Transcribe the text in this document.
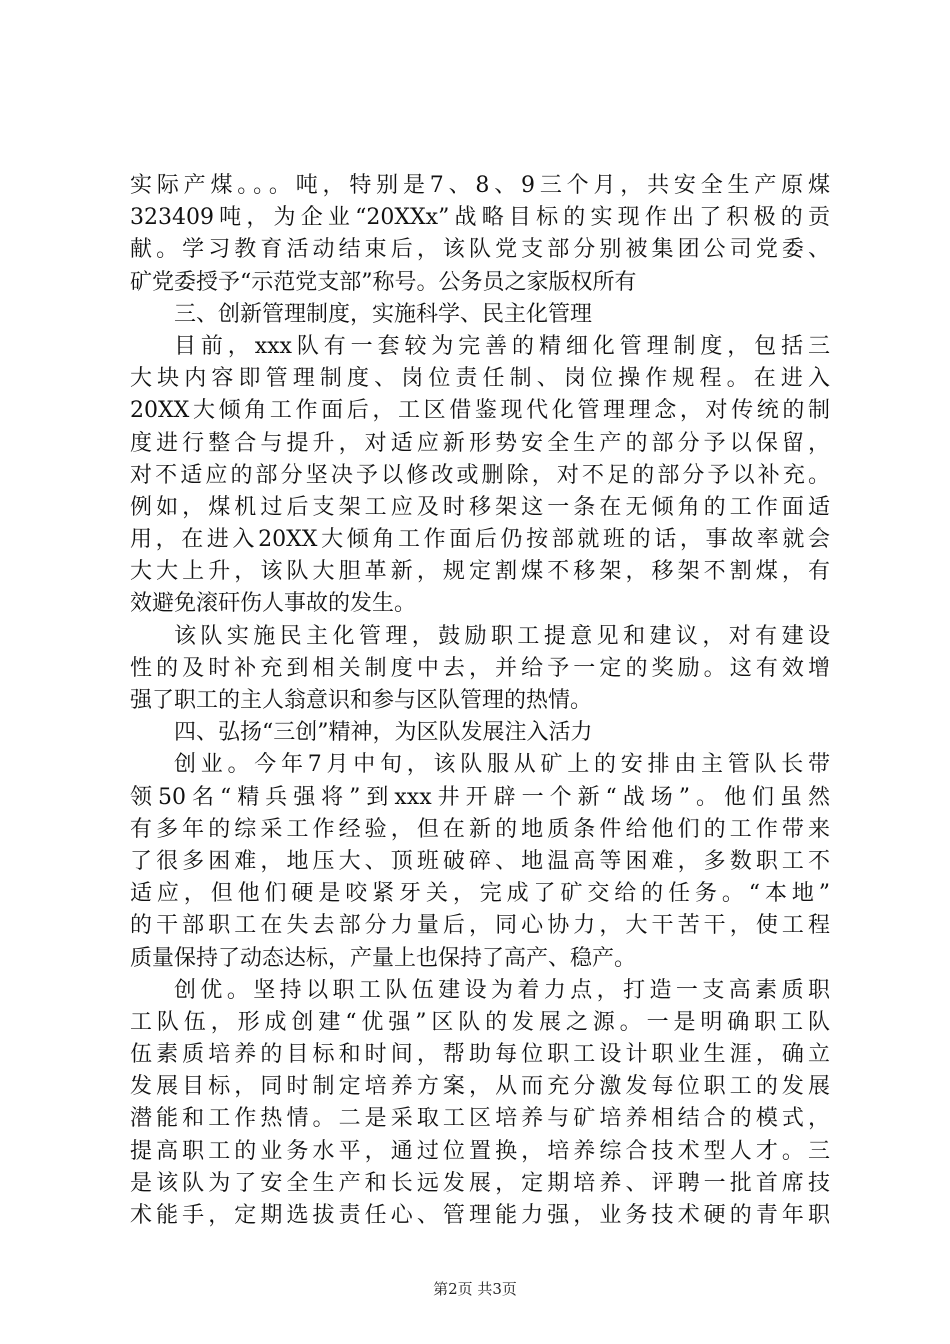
实际产煤。。。吨，特别是7、8、9三个月，共安全生产原煤
323409吨，为企业“20XXx”战略目标的实现作出了积极的贡
献。学习教育活动结束后，该队党支部分别被集团公司党委、
矿党委授予“示范党支部”称号。公务员之家版权所有
三、创新管理制度，实施科学、民主化管理
目前，xxx队有一套较为完善的精细化管理制度，包括三
大块内容即管理制度、岗位责任制、岗位操作规程。在进入
20XX大倾角工作面后，工区借鉴现代化管理理念，对传统的制
度进行整合与提升，对适应新形势安全生产的部分予以保留，
对不适应的部分坚决予以修改或删除，对不足的部分予以补充。
例如，煤机过后支架工应及时移架这一条在无倾角的工作面适
用，在进入20XX大倾角工作面后仍按部就班的话，事故率就会
大大上升，该队大胆革新，规定割煤不移架，移架不割煤，有
效避免滚矸伤人事故的发生。
该队实施民主化管理，鼓励职工提意见和建议，对有建设
性的及时补充到相关制度中去，并给予一定的奖励。这有效增
强了职工的主人翁意识和参与区队管理的热情。
四、弘扬“三创”精神，为区队发展注入活力
创业。今年7月中旬，该队服从矿上的安排由主管队长带
领50名“精兵强将”到xxx井开辟一个新“战场”。他们虽然
有多年的综采工作经验，但在新的地质条件给他们的工作带来
了很多困难，地压大、顶班破碎、地温高等困难，多数职工不
适应，但他们硬是咬紧牙关，完成了矿交给的任务。“本地”
的干部职工在失去部分力量后，同心协力，大干苦干，使工程
质量保持了动态达标，产量上也保持了高产、稳产。
创优。坚持以职工队伍建设为着力点，打造一支高素质职
工队伍，形成创建“优强”区队的发展之源。一是明确职工队
伍素质培养的目标和时间，帮助每位职工设计职业生涯，确立
发展目标，同时制定培养方案，从而充分激发每位职工的发展
潜能和工作热情。二是采取工区培养与矿培养相结合的模式，
提高职工的业务水平，通过位置换，培养综合技术型人才。三
是该队为了安全生产和长远发展，定期培养、评聘一批首席技
术能手，定期选拔责任心、管理能力强，业务技术硬的青年职
第2页 共3页
